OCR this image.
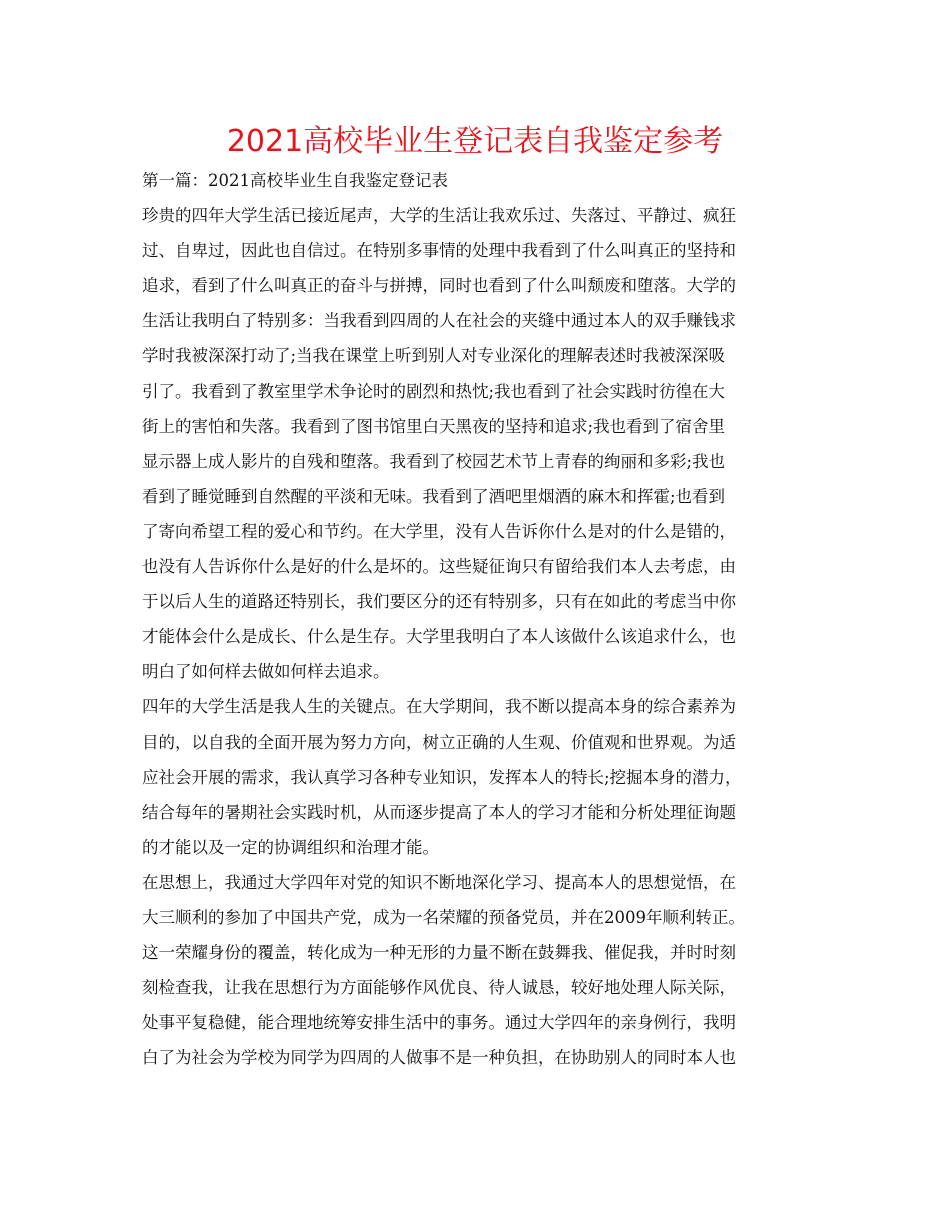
2021高校毕业生登记表自我鉴定参考
第一篇：2021高校毕业生自我鉴定登记表
珍贵的四年大学生活已接近尾声，大学的生活让我欢乐过、失落过、平静过、疯狂
过、自卑过，因此也自信过。在特别多事情的处理中我看到了什么叫真正的坚持和
追求，看到了什么叫真正的奋斗与拼搏，同时也看到了什么叫颓废和堕落。大学的
生活让我明白了特别多：当我看到四周的人在社会的夹缝中通过本人的双手赚钱求
学时我被深深打动了;当我在课堂上听到别人对专业深化的理解表述时我被深深吸
引了。我看到了教室里学术争论时的剧烈和热忱;我也看到了社会实践时彷徨在大
街上的害怕和失落。我看到了图书馆里白天黑夜的坚持和追求;我也看到了宿舍里
显示器上成人影片的自残和堕落。我看到了校园艺术节上青春的绚丽和多彩;我也
看到了睡觉睡到自然醒的平淡和无味。我看到了酒吧里烟酒的麻木和挥霍;也看到
了寄向希望工程的爱心和节约。在大学里，没有人告诉你什么是对的什么是错的，
也没有人告诉你什么是好的什么是坏的。这些疑征询只有留给我们本人去考虑，由
于以后人生的道路还特别长，我们要区分的还有特别多，只有在如此的考虑当中你
才能体会什么是成长、什么是生存。大学里我明白了本人该做什么该追求什么，也
明白了如何样去做如何样去追求。
四年的大学生活是我人生的关键点。在大学期间，我不断以提高本身的综合素养为
目的，以自我的全面开展为努力方向，树立正确的人生观、价值观和世界观。为适
应社会开展的需求，我认真学习各种专业知识，发挥本人的特长;挖掘本身的潜力，
结合每年的暑期社会实践时机，从而逐步提高了本人的学习才能和分析处理征询题
的才能以及一定的协调组织和治理才能。
在思想上，我通过大学四年对党的知识不断地深化学习、提高本人的思想觉悟，在
大三顺利的参加了中国共产党，成为一名荣耀的预备党员，并在2009年顺利转正。
这一荣耀身份的覆盖，转化成为一种无形的力量不断在鼓舞我、催促我，并时时刻
刻检查我，让我在思想行为方面能够作风优良、待人诚恳，较好地处理人际关际，
处事平复稳健，能合理地统筹安排生活中的事务。通过大学四年的亲身例行，我明
白了为社会为学校为同学为四周的人做事不是一种负担，在协助别人的同时本人也
